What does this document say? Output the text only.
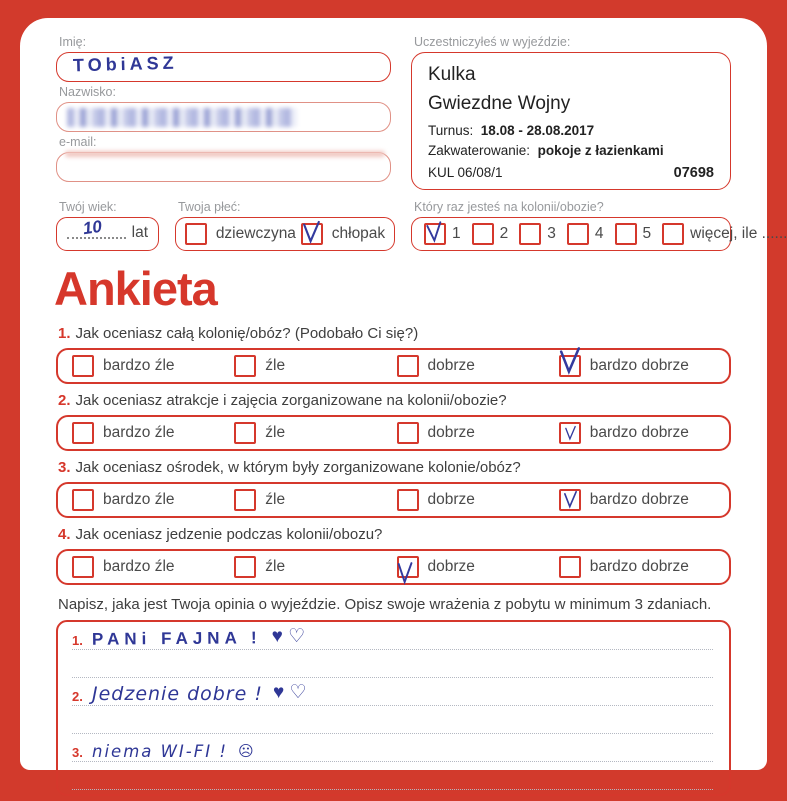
Imię:
TObiASZ
Nazwisko:
e-mail:
Uczestniczyłeś w wyjeździe:
Kulka
Gwiezdne Wojny
Turnus: 18.08 - 28.08.2017
Zakwaterowanie: pokoje z łazienkami
KUL 06/08/1	07698
Twój wiek:
10 lat
Twoja płeć:
dziewczyna chłopak
Który raz jesteś na kolonii/obozie?
1	2	3	4	5	więcej, ile ......
Ankieta
1. Jak oceniasz całą kolonię/obóz? (Podobało Ci się?)
bardzo źle	źle	dobrze	bardzo dobrze
2. Jak oceniasz atrakcje i zajęcia zorganizowane na kolonii/obozie?
bardzo źle	źle	dobrze	bardzo dobrze
3. Jak oceniasz ośrodek, w którym były zorganizowane kolonie/obóz?
bardzo źle	źle	dobrze	bardzo dobrze
4. Jak oceniasz jedzenie podczas kolonii/obozu?
bardzo źle	źle	dobrze	bardzo dobrze
Napisz, jaka jest Twoja opinia o wyjeździe. Opisz swoje wrażenia z pobytu w minimum 3 zdaniach.
1. PANi FAJNA ! ♥ ♡
2. Jedzenie dobre ! ♥ ♡
3. niema WI-FI ! ☹
